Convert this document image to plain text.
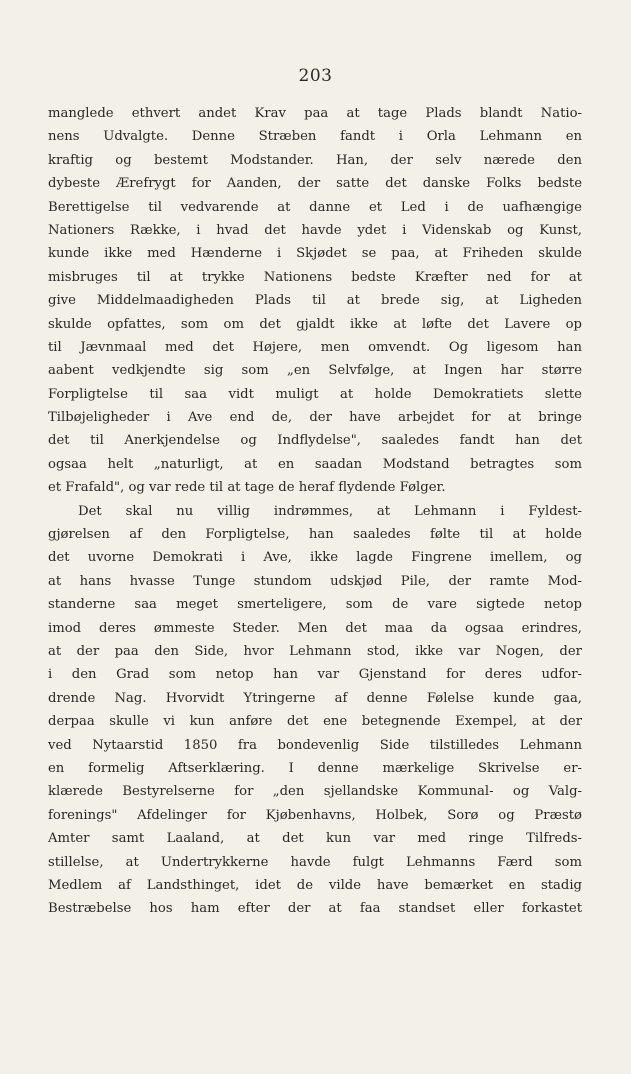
203
manglede ethvert andet Krav paa at tage Plads blandt Natio-
nens Udvalgte. Denne Stræben fandt i Orla Lehmann en
kraftig og bestemt Modstander. Han, der selv nærede den
dybeste Ærefrygt for Aanden, der satte det danske Folks bedste
Berettigelse til vedvarende at danne et Led i de uafhængige
Nationers Række, i hvad det havde ydet i Videnskab og Kunst,
kunde ikke med Hænderne i Skjødet se paa, at Friheden skulde
misbruges til at trykke Nationens bedste Kræfter ned for at
give Middelmaadigheden Plads til at brede sig, at Ligheden
skulde opfattes, som om det gjaldt ikke at løfte det Lavere op
til Jævnmaal med det Højere, men omvendt. Og ligesom han
aabent vedkjendte sig som „en Selvfølge, at Ingen har større
Forpligtelse til saa vidt muligt at holde Demokratiets slette
Tilbøjeligheder i Ave end de, der have arbejdet for at bringe
det til Anerkjendelse og Indflydelse", saaledes fandt han det
ogsaa helt „naturligt, at en saadan Modstand betragtes som
et Frafald", og var rede til at tage de heraf flydende Følger.
Det skal nu villig indrømmes, at Lehmann i Fyldest-
gjørelsen af den Forpligtelse, han saaledes følte til at holde
det uvorne Demokrati i Ave, ikke lagde Fingrene imellem, og
at hans hvasse Tunge stundom udskjød Pile, der ramte Mod-
standerne saa meget smerteligere, som de vare sigtede netop
imod deres ømmeste Steder. Men det maa da ogsaa erindres,
at der paa den Side, hvor Lehmann stod, ikke var Nogen, der
i den Grad som netop han var Gjenstand for deres udfor-
drende Nag. Hvorvidt Ytringerne af denne Følelse kunde gaa,
derpaa skulle vi kun anføre det ene betegnende Exempel, at der
ved Nytaarstid 1850 fra bondevenlig Side tilstilledes Lehmann
en formelig Aftserklæring. I denne mærkelige Skrivelse er-
klærede Bestyrelserne for „den sjellandske Kommunal- og Valg-
forenings" Afdelinger for Kjøbenhavns, Holbek, Sorø og Præstø
Amter samt Laaland, at det kun var med ringe Tilfreds-
stillelse, at Undertrykkerne havde fulgt Lehmanns Færd som
Medlem af Landsthinget, idet de vilde have bemærket en stadig
Bestræbelse hos ham efter der at faa standset eller forkastet
